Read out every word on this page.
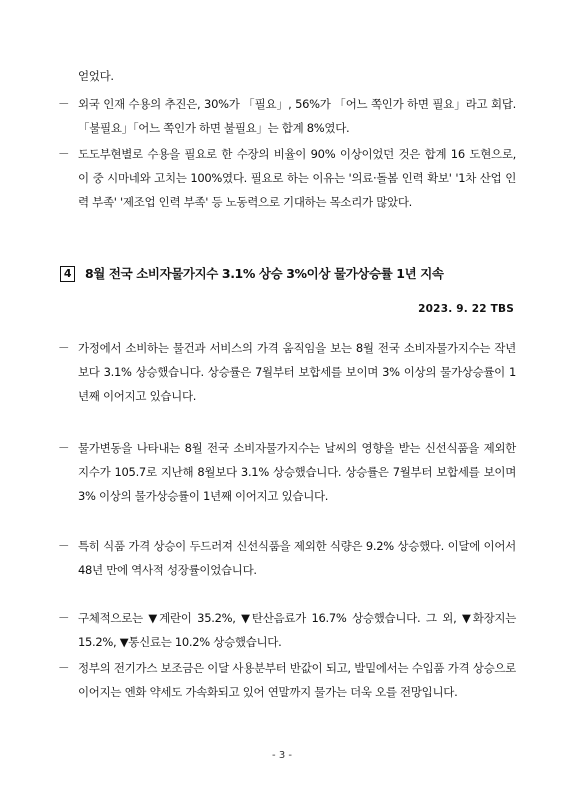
얻었다.
－ 외국 인재 수용의 추진은, 30%가 「필요」, 56%가 「어느 쪽인가 하면 필요」라고 회답. 「불필요」「어느 쪽인가 하면 불필요」는 합계 8%였다.
－ 도도부현별로 수용을 필요로 한 수장의 비율이 90% 이상이었던 것은 합계 16 도현으로, 이 중 시마네와 고치는 100%였다. 필요로 하는 이유는 '의료·돌봄 인력 확보' '1차 산업 인력 부족' '제조업 인력 부족' 등 노동력으로 기대하는 목소리가 많았다.
4	8월 전국 소비자물가지수 3.1% 상승 3%이상 물가상승률 1년 지속
2023. 9. 22 TBS
－ 가정에서 소비하는 물건과 서비스의 가격 움직임을 보는 8월 전국 소비자물가지수는 작년보다 3.1% 상승했습니다. 상승률은 7월부터 보합세를 보이며 3% 이상의 물가상승률이 1년째 이어지고 있습니다.
－ 물가변동을 나타내는 8월 전국 소비자물가지수는 날씨의 영향을 받는 신선식품을 제외한 지수가 105.7로 지난해 8월보다 3.1% 상승했습니다. 상승률은 7월부터 보합세를 보이며 3% 이상의 물가상승률이 1년째 이어지고 있습니다.
－ 특히 식품 가격 상승이 두드러져 신선식품을 제외한 식량은 9.2% 상승했다. 이달에 이어서 48년 만에 역사적 성장률이었습니다.
－ 구체적으로는 ▼계란이 35.2%, ▼탄산음료가 16.7% 상승했습니다. 그 외, ▼화장지는 15.2%, ▼통신료는 10.2% 상승했습니다.
－ 정부의 전기가스 보조금은 이달 사용분부터 반값이 되고, 발밑에서는 수입품 가격 상승으로 이어지는 엔화 약세도 가속화되고 있어 연말까지 물가는 더욱 오를 전망입니다.
- 3 -
